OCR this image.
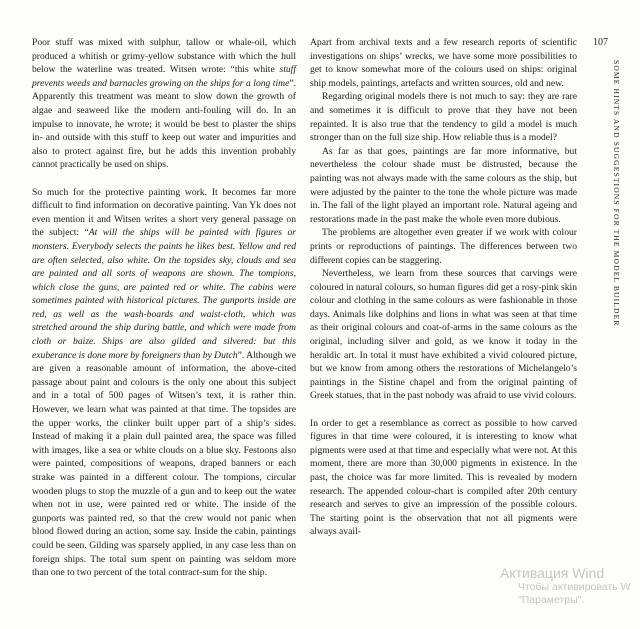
Poor stuff was mixed with sulphur, tallow or whale-oil, which produced a whitish or grimy-yellow substance with which the hull below the waterline was treated. Witsen wrote: “this white stuff prevents weeds and barnacles growing on the ships for a long time”. Apparently this treatment was meant to slow down the growth of algae and seaweed like the modern anti-fouling will do. In an impulse to innovate, he wrote; it would be best to plaster the ships in- and outside with this stuff to keep out water and impurities and also to protect against fire, but he adds this invention probably cannot practically be used on ships.

So much for the protective painting work. It becomes far more difficult to find information on decorative painting. Van Yk does not even mention it and Witsen writes a short very general passage on the subject: “At will the ships will be painted with figures or monsters. Everybody selects the paints he likes best. Yellow and red are often selected, also white. On the topsides sky, clouds and sea are painted and all sorts of weapons are shown. The tompions, which close the guns, are painted red or white. The cabins were sometimes painted with historical pictures. The gunports inside are red, as well as the wash-boards and waist-cloth, which was stretched around the ship during battle, and which were made from cloth or baize. Ships are also gilded and silvered: but this exuberance is done more by foreigners than by Dutch”. Although we are given a reasonable amount of information, the above-cited passage about paint and colours is the only one about this subject and in a total of 500 pages of Witsen’s text, it is rather thin. However, we learn what was painted at that time. The topsides are the upper works, the clinker built upper part of a ship’s sides. Instead of making it a plain dull painted area, the space was filled with images, like a sea or white clouds on a blue sky. Festoons also were painted, compositions of weapons, draped banners or each strake was painted in a different colour. The tompions, circular wooden plugs to stop the muzzle of a gun and to keep out the water when not in use, were painted red or white. The inside of the gunports was painted red, so that the crew would not panic when blood flowed during an action, some say. Inside the cabin, paintings could be seen. Gilding was sparsely applied, in any case less than on foreign ships. The total sum spent on painting was seldom more than one to two percent of the total contract-sum for the ship.

Apart from archival texts and a few research reports of scientific investigations on ships’ wrecks, we have some more possibilities to get to know somewhat more of the colours used on ships: original ship models, paintings, artefacts and written sources, old and new.

Regarding original models there is not much to say: they are rare and sometimes it is difficult to prove that they have not been repainted. It is also true that the tendency to gild a model is much stronger than on the full size ship. How reliable thus is a model?

As far as that goes, paintings are far more informative, but nevertheless the colour shade must be distrusted, because the painting was not always made with the same colours as the ship, but were adjusted by the painter to the tone the whole picture was made in. The fall of the light played an important role. Natural ageing and restorations made in the past make the whole even more dubious.

The problems are altogether even greater if we work with colour prints or reproductions of paintings. The differences between two different copies can be staggering.

Nevertheless, we learn from these sources that carvings were coloured in natural colours, so human figures did get a rosy-pink skin colour and clothing in the same colours as were fashionable in those days. Animals like dolphins and lions in what was seen at that time as their original colours and coat-of-arms in the same colours as the original, including silver and gold, as we know it today in the heraldic art. In total it must have exhibited a vivid coloured picture, but we know from among others the restorations of Michelangelo’s paintings in the Sistine chapel and from the original painting of Greek statues, that in the past nobody was afraid to use vivid colours.

In order to get a resemblance as correct as possible to how carved figures in that time were coloured, it is interesting to know what pigments were used at that time and especially what were not. At this moment, there are more than 30,000 pigments in existence. In the past, the choice was far more limited. This is revealed by modern research. The appended colour-chart is compiled after 20th century research and serves to give an impression of the possible colours. The starting point is the observation that not all pigments were always avail-

107
SOME HINTS AND SUGGESTIONS FOR THE MODEL BUILDER
Активация Wind
Чтобы активировать W
"Параметры".
